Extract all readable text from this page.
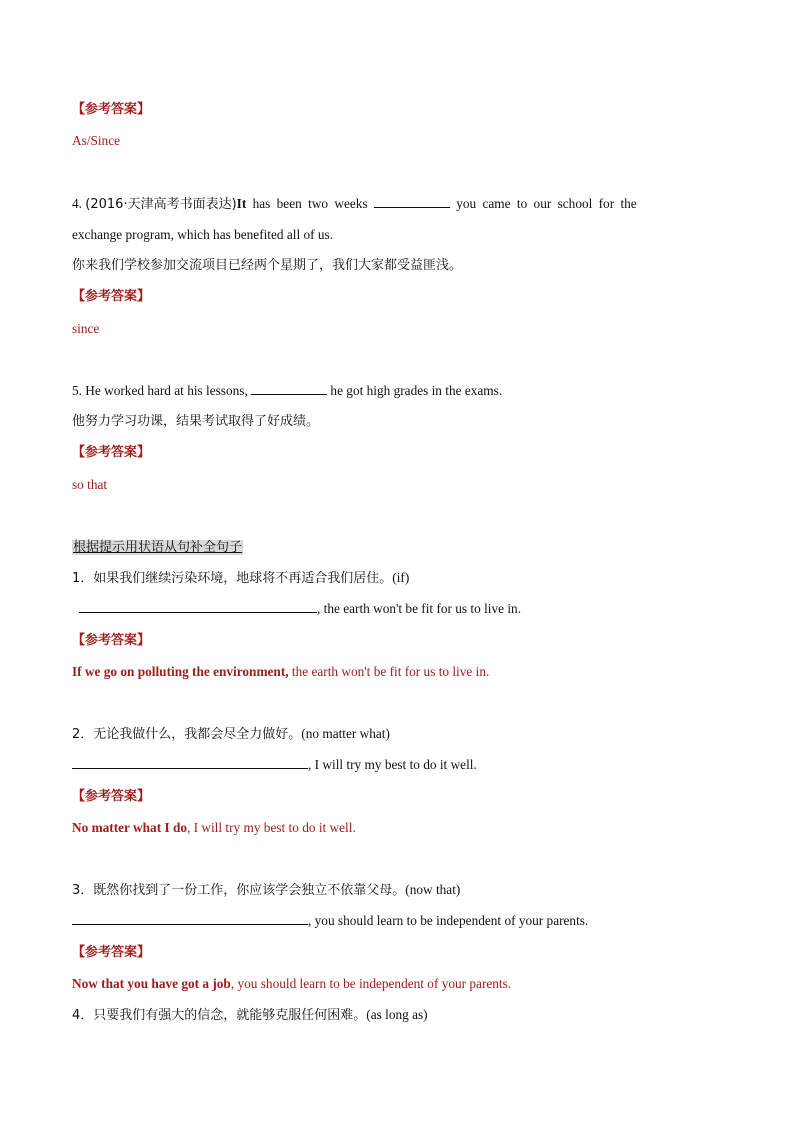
【参考答案】
As/Since
4. (2016·天津高考书面表达)It has been two weeks	you came to our school for the
exchange program, which has benefited all of us.
你来我们学校参加交流项目已经两个星期了，我们大家都受益匪浅。
【参考答案】
since
5. He worked hard at his lessons,	he got high grades in the exams.
他努力学习功课，结果考试取得了好成绩。
【参考答案】
so that
根据提示用状语从句补全句子
1．如果我们继续污染环境，地球将不再适合我们居住。(if)
, the earth won't be fit for us to live in.
【参考答案】
If we go on polluting the environment, the earth won't be fit for us to live in.
2．无论我做什么，我都会尽全力做好。(no matter what)
, I will try my best to do it well.
【参考答案】
No matter what I do, I will try my best to do it well.
3．既然你找到了一份工作，你应该学会独立不依靠父母。(now that)
, you should learn to be independent of your parents.
【参考答案】
Now that you have got a job, you should learn to be independent of your parents.
4．只要我们有强大的信念，就能够克服任何困难。(as long as)
